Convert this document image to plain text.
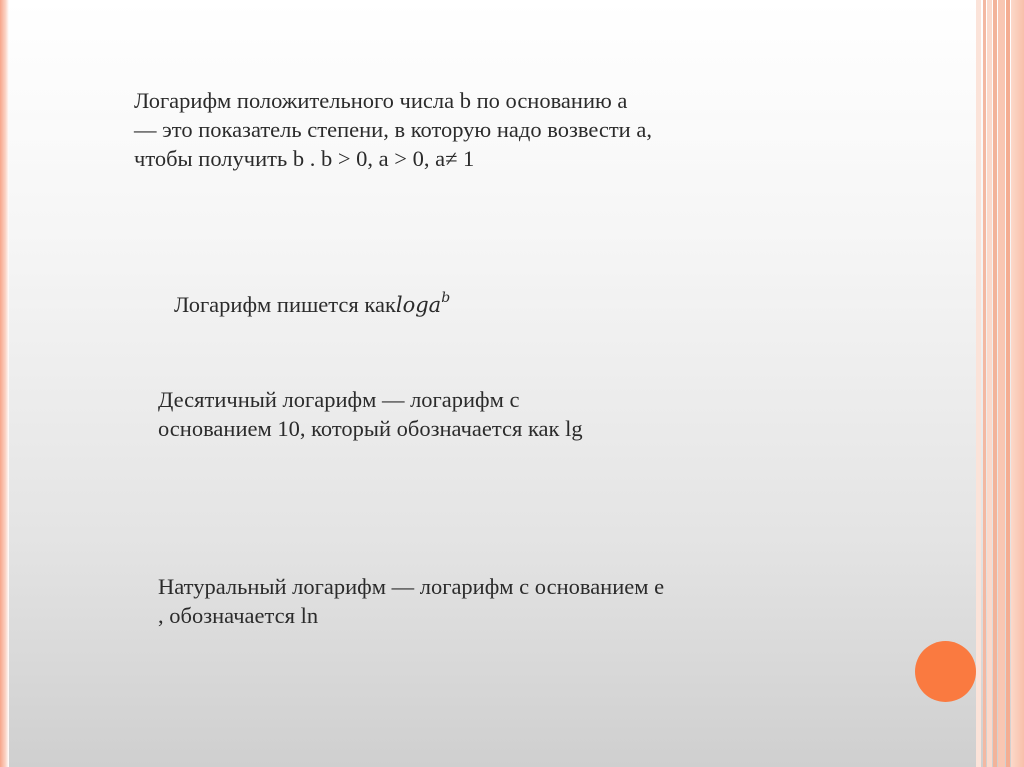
Логарифм положительного числа b по основанию a
— это показатель степени, в которую надо возвести a,
чтобы получить b . b > 0, a > 0, a≠ 1
Логарифм пишется какloga$^b$
Десятичный логарифм — логарифм с
основанием 10, который обозначается как lg
Натуральный логарифм — логарифм с основанием e
, обозначается ln
